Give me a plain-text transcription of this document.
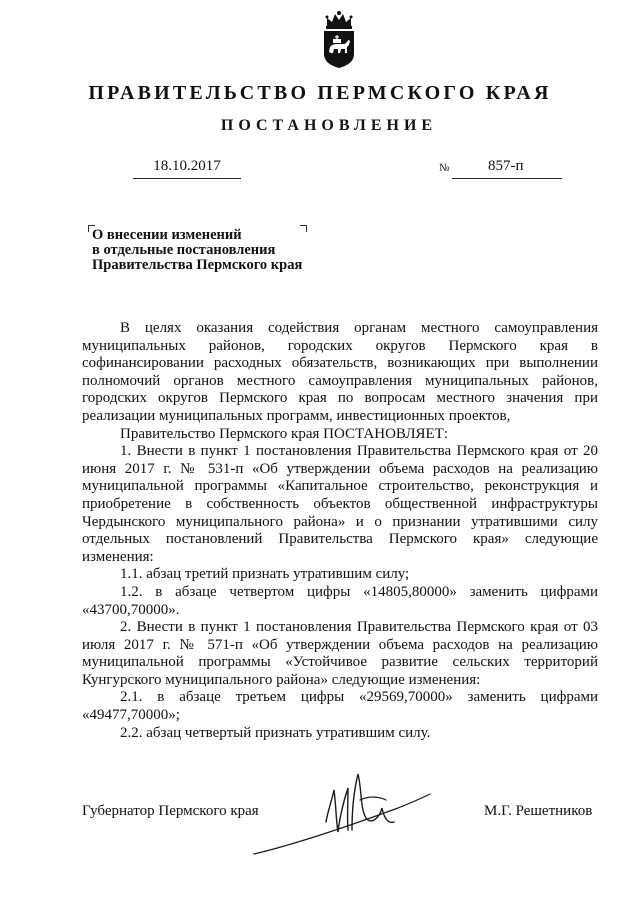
ПРАВИТЕЛЬСТВО ПЕРМСКОГО КРАЯ
ПОСТАНОВЛЕНИЕ
18.10.2017	№	857-п
О внесении изменений
в отдельные постановления
Правительства Пермского края

В целях оказания содействия органам местного самоуправления муниципальных районов, городских округов Пермского края в софинансировании расходных обязательств, возникающих при выполнении полномочий органов местного самоуправления муниципальных районов, городских округов Пермского края по вопросам местного значения при реализации муниципальных программ, инвестиционных проектов,

Правительство Пермского края ПОСТАНОВЛЯЕТ:

1. Внести в пункт 1 постановления Правительства Пермского края от 20 июня 2017 г. № 531-п «Об утверждении объема расходов на реализацию муниципальной программы «Капитальное строительство, реконструкция и приобретение в собственность объектов общественной инфраструктуры Чердынского муниципального района» и о признании утратившими силу отдельных постановлений Правительства Пермского края» следующие изменения:

1.1. абзац третий признать утратившим силу;

1.2. в абзаце четвертом цифры «14805,80000» заменить цифрами «43700,70000».

2. Внести в пункт 1 постановления Правительства Пермского края от 03 июля 2017 г. № 571-п «Об утверждении объема расходов на реализацию муниципальной программы «Устойчивое развитие сельских территорий Кунгурского муниципального района» следующие изменения:

2.1. в абзаце третьем цифры «29569,70000» заменить цифрами «49477,70000»;

2.2. абзац четвертый признать утратившим силу.

Губернатор Пермского края	М.Г. Решетников
